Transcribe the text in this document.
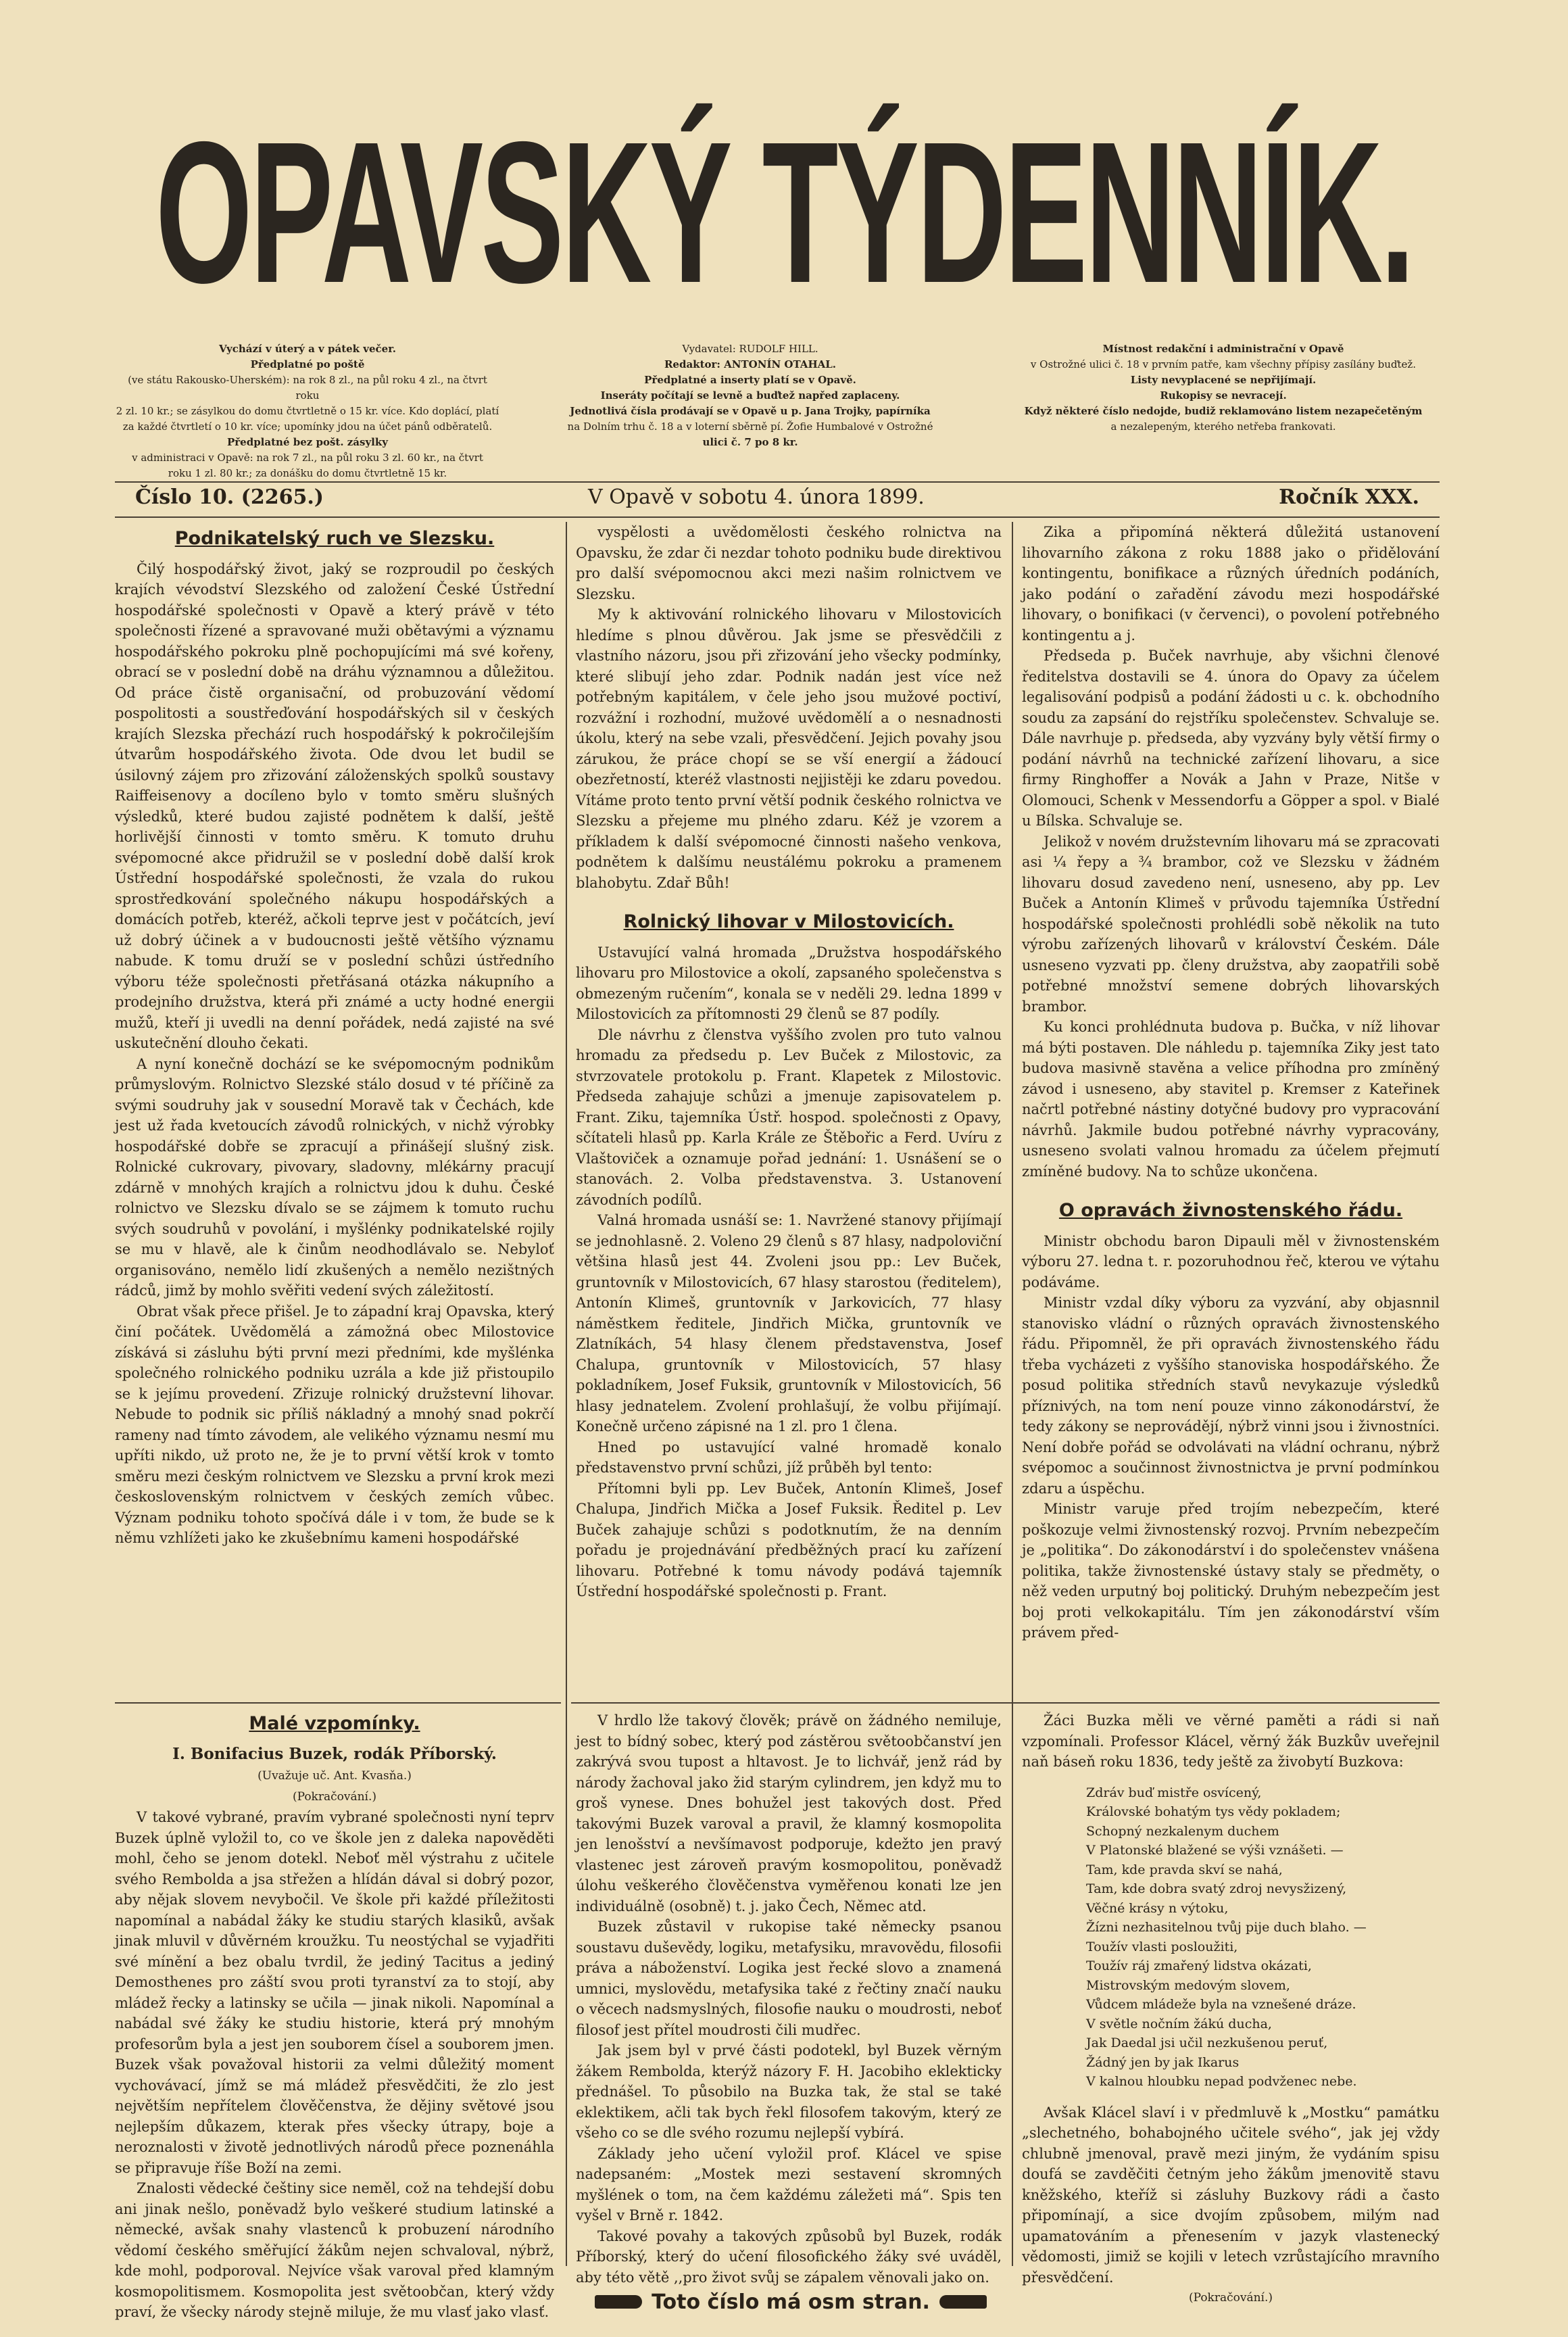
OPAVSKÝ TÝDENNÍK.

Vychází v úterý a v pátek večer.

Předplatné po poště

(ve státu Rakousko-Uherském): na rok 8 zl., na půl roku 4 zl., na čtvrt roku

2 zl. 10 kr.; se zásylkou do domu čtvrtletně o 15 kr. více. Kdo doplácí, platí

za každé čtvrtletí o 10 kr. více; upomínky jdou na účet pánů odběratelů.

Předplatné bez pošt. zásylky

v administraci v Opavě: na rok 7 zl., na půl roku 3 zl. 60 kr., na čtvrt

roku 1 zl. 80 kr.; za donášku do domu čtvrtletně 15 kr.

Vydavatel: RUDOLF HILL.

Redaktor: ANTONÍN OTAHAL.

Předplatné a inserty platí se v Opavě.

Inseráty počítají se levně a buďtež napřed zaplaceny.

Jednotlivá čísla prodávají se v Opavě u p. Jana Trojky, papírníka

na Dolním trhu č. 18 a v loterní sběrně pí. Žofie Humbalové v Ostrožné

ulici č. 7 po 8 kr.

Místnost redakční i administrační v Opavě

v Ostrožné ulici č. 18 v prvním patře, kam všechny přípisy zasílány buďtež.

Listy nevyplacené se nepřijímají.

Rukopisy se nevracejí.

Když některé číslo nedojde, budiž reklamováno listem nezapečetěným

a nezalepeným, kterého netřeba frankovati.

Číslo 10. (2265.)	V Opavě v sobotu 4. února 1899.	Ročník XXX.
Podnikatelský ruch ve Slezsku.

Čilý hospodářský život, jaký se rozproudil po českých krajích vévodství Slezského od založení České Ústřední hospodářské společnosti v Opavě a který právě v této společnosti řízené a spravované muži obětavými a významu hospodářského pokroku plně pochopujícími má své kořeny, obrací se v poslední době na dráhu významnou a důležitou. Od práce čistě organisační, od probuzování vědomí pospolitosti a soustřeďování hospodářských sil v českých krajích Slezska přechází ruch hospodářský k pokročilejším útvarům hospodářského života. Ode dvou let budil se úsilovný zájem pro zřizování záloženských spolků soustavy Raiffeisenovy a docíleno bylo v tomto směru slušných výsledků, které budou zajisté podnětem k další, ještě horlivější činnosti v tomto směru. K tomuto druhu svépomocné akce přidružil se v poslední době další krok Ústřední hospodářské společnosti, že vzala do rukou sprostředkování společného nákupu hospodářských a domácích potřeb, kteréž, ačkoli teprve jest v počátcích, jeví už dobrý účinek a v budoucnosti ještě většího významu nabude. K tomu druží se v poslední schůzi ústředního výboru téže společnosti přetřásaná otázka nákupního a prodejního družstva, která při známé a ucty hodné energii mužů, kteří ji uvedli na denní pořádek, nedá zajisté na své uskutečnění dlouho čekati.

A nyní konečně dochází se ke svépomocným podnikům průmyslovým. Rolnictvo Slezské stálo dosud v té příčině za svými soudruhy jak v sousední Moravě tak v Čechách, kde jest už řada kvetoucích závodů rolnických, v nichž výrobky hospodářské dobře se zpracují a přinášejí slušný zisk. Rolnické cukrovary, pivovary, sladovny, mlékárny pracují zdárně v mnohých krajích a rolnictvu jdou k duhu. České rolnictvo ve Slezsku dívalo se se zájmem k tomuto ruchu svých soudruhů v povolání, i myšlénky podnikatelské rojily se mu v hlavě, ale k činům neodhodlávalo se. Nebyloť organisováno, nemělo lidí zkušených a nemělo nezištných rádců, jimž by mohlo svěřiti vedení svých záležitostí.

Obrat však přece přišel. Je to západní kraj Opavska, který činí počátek. Uvědomělá a zámožná obec Milostovice získává si zásluhu býti první mezi předními, kde myšlénka společného rolnického podniku uzrála a kde již přistoupilo se k jejímu provedení. Zřizuje rolnický družstevní lihovar. Nebude to podnik sic příliš nákladný a mnohý snad pokrčí rameny nad tímto závodem, ale velikého významu nesmí mu upříti nikdo, už proto ne, že je to první větší krok v tomto směru mezi českým rolnictvem ve Slezsku a první krok mezi československým rolnictvem v českých zemích vůbec. Význam podniku tohoto spočívá dále i v tom, že bude se k němu vzhlížeti jako ke zkušebnímu kameni hospodářské

Malé vzpomínky.
I. Bonifacius Buzek, rodák Příborský.

(Uvažuje uč. Ant. Kvasňa.)

(Pokračování.)

V takové vybrané, pravím vybrané společnosti nyní teprv Buzek úplně vyložil to, co ve škole jen z daleka napověděti mohl, čeho se jenom dotekl. Neboť měl výstrahu z učitele svého Rembolda a jsa střežen a hlídán dával si dobrý pozor, aby nějak slovem nevybočil. Ve škole při každé příležitosti napomínal a nabádal žáky ke studiu starých klasiků, avšak jinak mluvil v důvěrném kroužku. Tu neostýchal se vyjadřiti své mínění a bez obalu tvrdil, že jediný Tacitus a jediný Demosthenes pro záští svou proti tyranství za to stojí, aby mládež řecky a latinsky se učila — jinak nikoli. Napomínal a nabádal své žáky ke studiu historie, která prý mnohým profesorům byla a jest jen souborem čísel a souborem jmen. Buzek však považoval historii za velmi důležitý moment vychovávací, jímž se má mládež přesvědčiti, že zlo jest největším nepřítelem člověčenstva, že dějiny světové jsou nejlepším důkazem, kterak přes všecky útrapy, boje a neroznalosti v životě jednotlivých národů přece poznenáhla se připravuje říše Boží na zemi.

Znalosti vědecké češtiny sice neměl, což na tehdejší dobu ani jinak nešlo, poněvadž bylo veškeré studium latinské a německé, avšak snahy vlastenců k probuzení národního vědomí českého směřující žákům nejen schvaloval, nýbrž, kde mohl, podporoval. Nejvíce však varoval před klamným kosmopolitismem. Kosmopolita jest světoobčan, který vždy praví, že všecky národy stejně miluje, že mu vlasť jako vlasť.

vyspělosti a uvědomělosti českého rolnictva na Opavsku, že zdar či nezdar tohoto podniku bude direktivou pro další svépomocnou akci mezi našim rolnictvem ve Slezsku.

My k aktivování rolnického lihovaru v Milostovicích hledíme s plnou důvěrou. Jak jsme se přesvědčili z vlastního názoru, jsou při zřizování jeho všecky podmínky, které slibují jeho zdar. Podnik nadán jest více než potřebným kapitálem, v čele jeho jsou mužové poctiví, rozvážní i rozhodní, mužové uvědomělí a o nesnadnosti úkolu, který na sebe vzali, přesvědčení. Jejich povahy jsou zárukou, že práce chopí se se vší energií a žádoucí obezřetností, kteréž vlastnosti nejjistěji ke zdaru povedou. Vítáme proto tento první větší podnik českého rolnictva ve Slezsku a přejeme mu plného zdaru. Kéž je vzorem a příkladem k další svépomocné činnosti našeho venkova, podnětem k dalšímu neustálému pokroku a pramenem blahobytu. Zdař Bůh!

Rolnický lihovar v Milostovicích.

Ustavující valná hromada „Družstva hospodářského lihovaru pro Milostovice a okolí, zapsaného společenstva s obmezeným ručením“, konala se v neděli 29. ledna 1899 v Milostovicích za přítomnosti 29 členů se 87 podíly.

Dle návrhu z členstva vyššího zvolen pro tuto valnou hromadu za předsedu p. Lev Buček z Milostovic, za stvrzovatele protokolu p. Frant. Klapetek z Milostovic. Předseda zahajuje schůzi a jmenuje zapisovatelem p. Frant. Ziku, tajemníka Ústř. hospod. společnosti z Opavy, sčítateli hlasů pp. Karla Krále ze Štěbořic a Ferd. Uvíru z Vlaštoviček a oznamuje pořad jednání: 1. Usnášení se o stanovách. 2. Volba představenstva. 3. Ustanovení závodních podílů.

Valná hromada usnáší se: 1. Navržené stanovy přijímají se jednohlasně. 2. Voleno 29 členů s 87 hlasy, nadpoloviční většina hlasů jest 44. Zvoleni jsou pp.: Lev Buček, gruntovník v Milostovicích, 67 hlasy starostou (ředitelem), Antonín Klimeš, gruntovník v Jarkovicích, 77 hlasy náměstkem ředitele, Jindřich Mička, gruntovník ve Zlatníkách, 54 hlasy členem představenstva, Josef Chalupa, gruntovník v Milostovicích, 57 hlasy pokladníkem, Josef Fuksik, gruntovník v Milostovicích, 56 hlasy jednatelem. Zvolení prohlašují, že volbu přijímají. Konečně určeno zápisné na 1 zl. pro 1 člena.

Hned po ustavující valné hromadě konalo představenstvo první schůzi, jíž průběh byl tento:

Přítomni byli pp. Lev Buček, Antonín Klimeš, Josef Chalupa, Jindřich Mička a Josef Fuksik. Ředitel p. Lev Buček zahajuje schůzi s podotknutím, že na denním pořadu je projednávání předběžných prací ku zařízení lihovaru. Potřebné k tomu návody podává tajemník Ústřední hospodářské společnosti p. Frant.

V hrdlo lže takový člověk; právě on žádného nemiluje, jest to bídný sobec, který pod zástěrou světoobčanství jen zakrývá svou tupost a hltavost. Je to lichvář, jenž rád by národy žachoval jako žid starým cylindrem, jen když mu to groš vynese. Dnes bohužel jest takových dost. Před takovými Buzek varoval a pravil, že klamný kosmopolita jen lenošství a nevšímavost podporuje, kdežto jen pravý vlastenec jest zároveň pravým kosmopolitou, poněvadž úlohu veškerého člověčenstva vyměřenou konati lze jen individuálně (osobně) t. j. jako Čech, Němec atd.

Buzek zůstavil v rukopise také německy psanou soustavu duševědy, logiku, metafysiku, mravovědu, filosofii práva a náboženství. Logika jest řecké slovo a znamená umnici, myslovědu, metafysika také z řečtiny značí nauku o věcech nadsmyslných, filosofie nauku o moudrosti, neboť filosof jest přítel moudrosti čili mudřec.

Jak jsem byl v prvé části podotekl, byl Buzek věrným žákem Rembolda, kterýž názory F. H. Jacobiho eklekticky přednášel. To působilo na Buzka tak, že stal se také eklektikem, ačli tak bych řekl filosofem takovým, který ze všeho co se dle svého rozumu nejlepší vybírá.

Základy jeho učení vyložil prof. Klácel ve spise nadepsaném: „Mostek mezi sestavení skromných myšlének o tom, na čem každému záležeti má“. Spis ten vyšel v Brně r. 1842.

Takové povahy a takových způsobů byl Buzek, rodák Příborský, který do učení filosofického žáky své uváděl, aby této větě ,,pro život svůj se zápalem věnovali jako on.

Zika a připomíná některá důležitá ustanovení lihovarního zákona z roku 1888 jako o přidělování kontingentu, bonifikace a různých úředních podáních, jako podání o zařadění závodu mezi hospodářské lihovary, o bonifikaci (v červenci), o povolení potřebného kontingentu a j.

Předseda p. Buček navrhuje, aby všichni členové ředitelstva dostavili se 4. února do Opavy za účelem legalisování podpisů a podání žádosti u c. k. obchodního soudu za zapsání do rejstříku společenstev. Schvaluje se. Dále navrhuje p. předseda, aby vyzvány byly větší firmy o podání návrhů na technické zařízení lihovaru, a sice firmy Ringhoffer a Novák a Jahn v Praze, Nitše v Olomouci, Schenk v Messendorfu a Göpper a spol. v Bialé u Bílska. Schvaluje se.

Jelikož v novém družstevním lihovaru má se zpracovati asi ¼ řepy a ¾ brambor, což ve Slezsku v žádném lihovaru dosud zavedeno není, usneseno, aby pp. Lev Buček a Antonín Klimeš v průvodu tajemníka Ústřední hospodářské společnosti prohlédli sobě několik na tuto výrobu zařízených lihovarů v království Českém. Dále usneseno vyzvati pp. členy družstva, aby zaopatřili sobě potřebné množství semene dobrých lihovarských brambor.

Ku konci prohlédnuta budova p. Bučka, v níž lihovar má býti postaven. Dle náhledu p. tajemníka Ziky jest tato budova masivně stavěna a velice příhodna pro zmíněný závod i usneseno, aby stavitel p. Kremser z Kateřinek načrtl potřebné nástiny dotyčné budovy pro vypracování návrhů. Jakmile budou potřebné návrhy vypracovány, usneseno svolati valnou hromadu za účelem přejmutí zmíněné budovy. Na to schůze ukončena.

O opravách živnostenského řádu.

Ministr obchodu baron Dipauli měl v živnostenském výboru 27. ledna t. r. pozoruhodnou řeč, kterou ve výtahu podáváme.

Ministr vzdal díky výboru za vyzvání, aby objasnnil stanovisko vládní o různých opravách živnostenského řádu. Připomněl, že při opravách živnostenského řádu třeba vycházeti z vyššího stanoviska hospodářského. Že posud politika středních stavů nevykazuje výsledků příznivých, na tom není pouze vinno zákonodárství, že tedy zákony se neprovádějí, nýbrž vinni jsou i živnostníci. Není dobře pořád se odvolávati na vládní ochranu, nýbrž svépomoc a součinnost živnostnictva je první podmínkou zdaru a úspěchu.

Ministr varuje před trojím nebezpečím, které poškozuje velmi živnostenský rozvoj. Prvním nebezpečím je „politika“. Do zákonodárství i do společenstev vnášena politika, takže živnostenské ústavy staly se předměty, o něž veden urputný boj politický. Druhým nebezpečím jest boj proti velkokapitálu. Tím jen zákonodárství vším právem před-

Žáci Buzka měli ve věrné paměti a rádi si naň vzpomínali. Professor Klácel, věrný žák Buzkův uveřejnil naň báseň roku 1836, tedy ještě za živobytí Buzkova:

Zdráv buď mistře osvícený,
Královské bohatým tys vědy pokladem;
Schopný nezkalenym duchem
V Platonské blažené se výši vznášeti. —
Tam, kde pravda skví se nahá,
Tam, kde dobra svatý zdroj nevysžizený,
Věčné krásy n výtoku,
Žízni nezhasitelnou tvůj pije duch blaho. —
Toužív vlasti posloužiti,
Toužív ráj zmařený lidstva okázati,
Mistrovským medovým slovem,
Vůdcem mládeže byla na vznešené dráze.
V světle nočním žákú ducha,
Jak Daedal jsi učil nezkušenou peruť,
Žádný jen by jak Ikarus
V kalnou hloubku nepad podvženec nebe.

Avšak Klácel slaví i v předmluvě k „Mostku“ památku „slechetného, bohabojného učitele svého“, jak jej vždy chlubně jmenoval, pravě mezi jiným, že vydáním spisu doufá se zavděčiti četným jeho žákům jmenovitě stavu kněžského, kteříž si zásluhy Buzkovy rádi a často připomínají, a sice dvojím způsobem, milým nad upamatováním a přenesením v jazyk vlastenecký vědomosti, jimiž se kojili v letech vzrůstajícího mravního přesvědčení.

(Pokračování.)

Toto číslo má osm stran.
